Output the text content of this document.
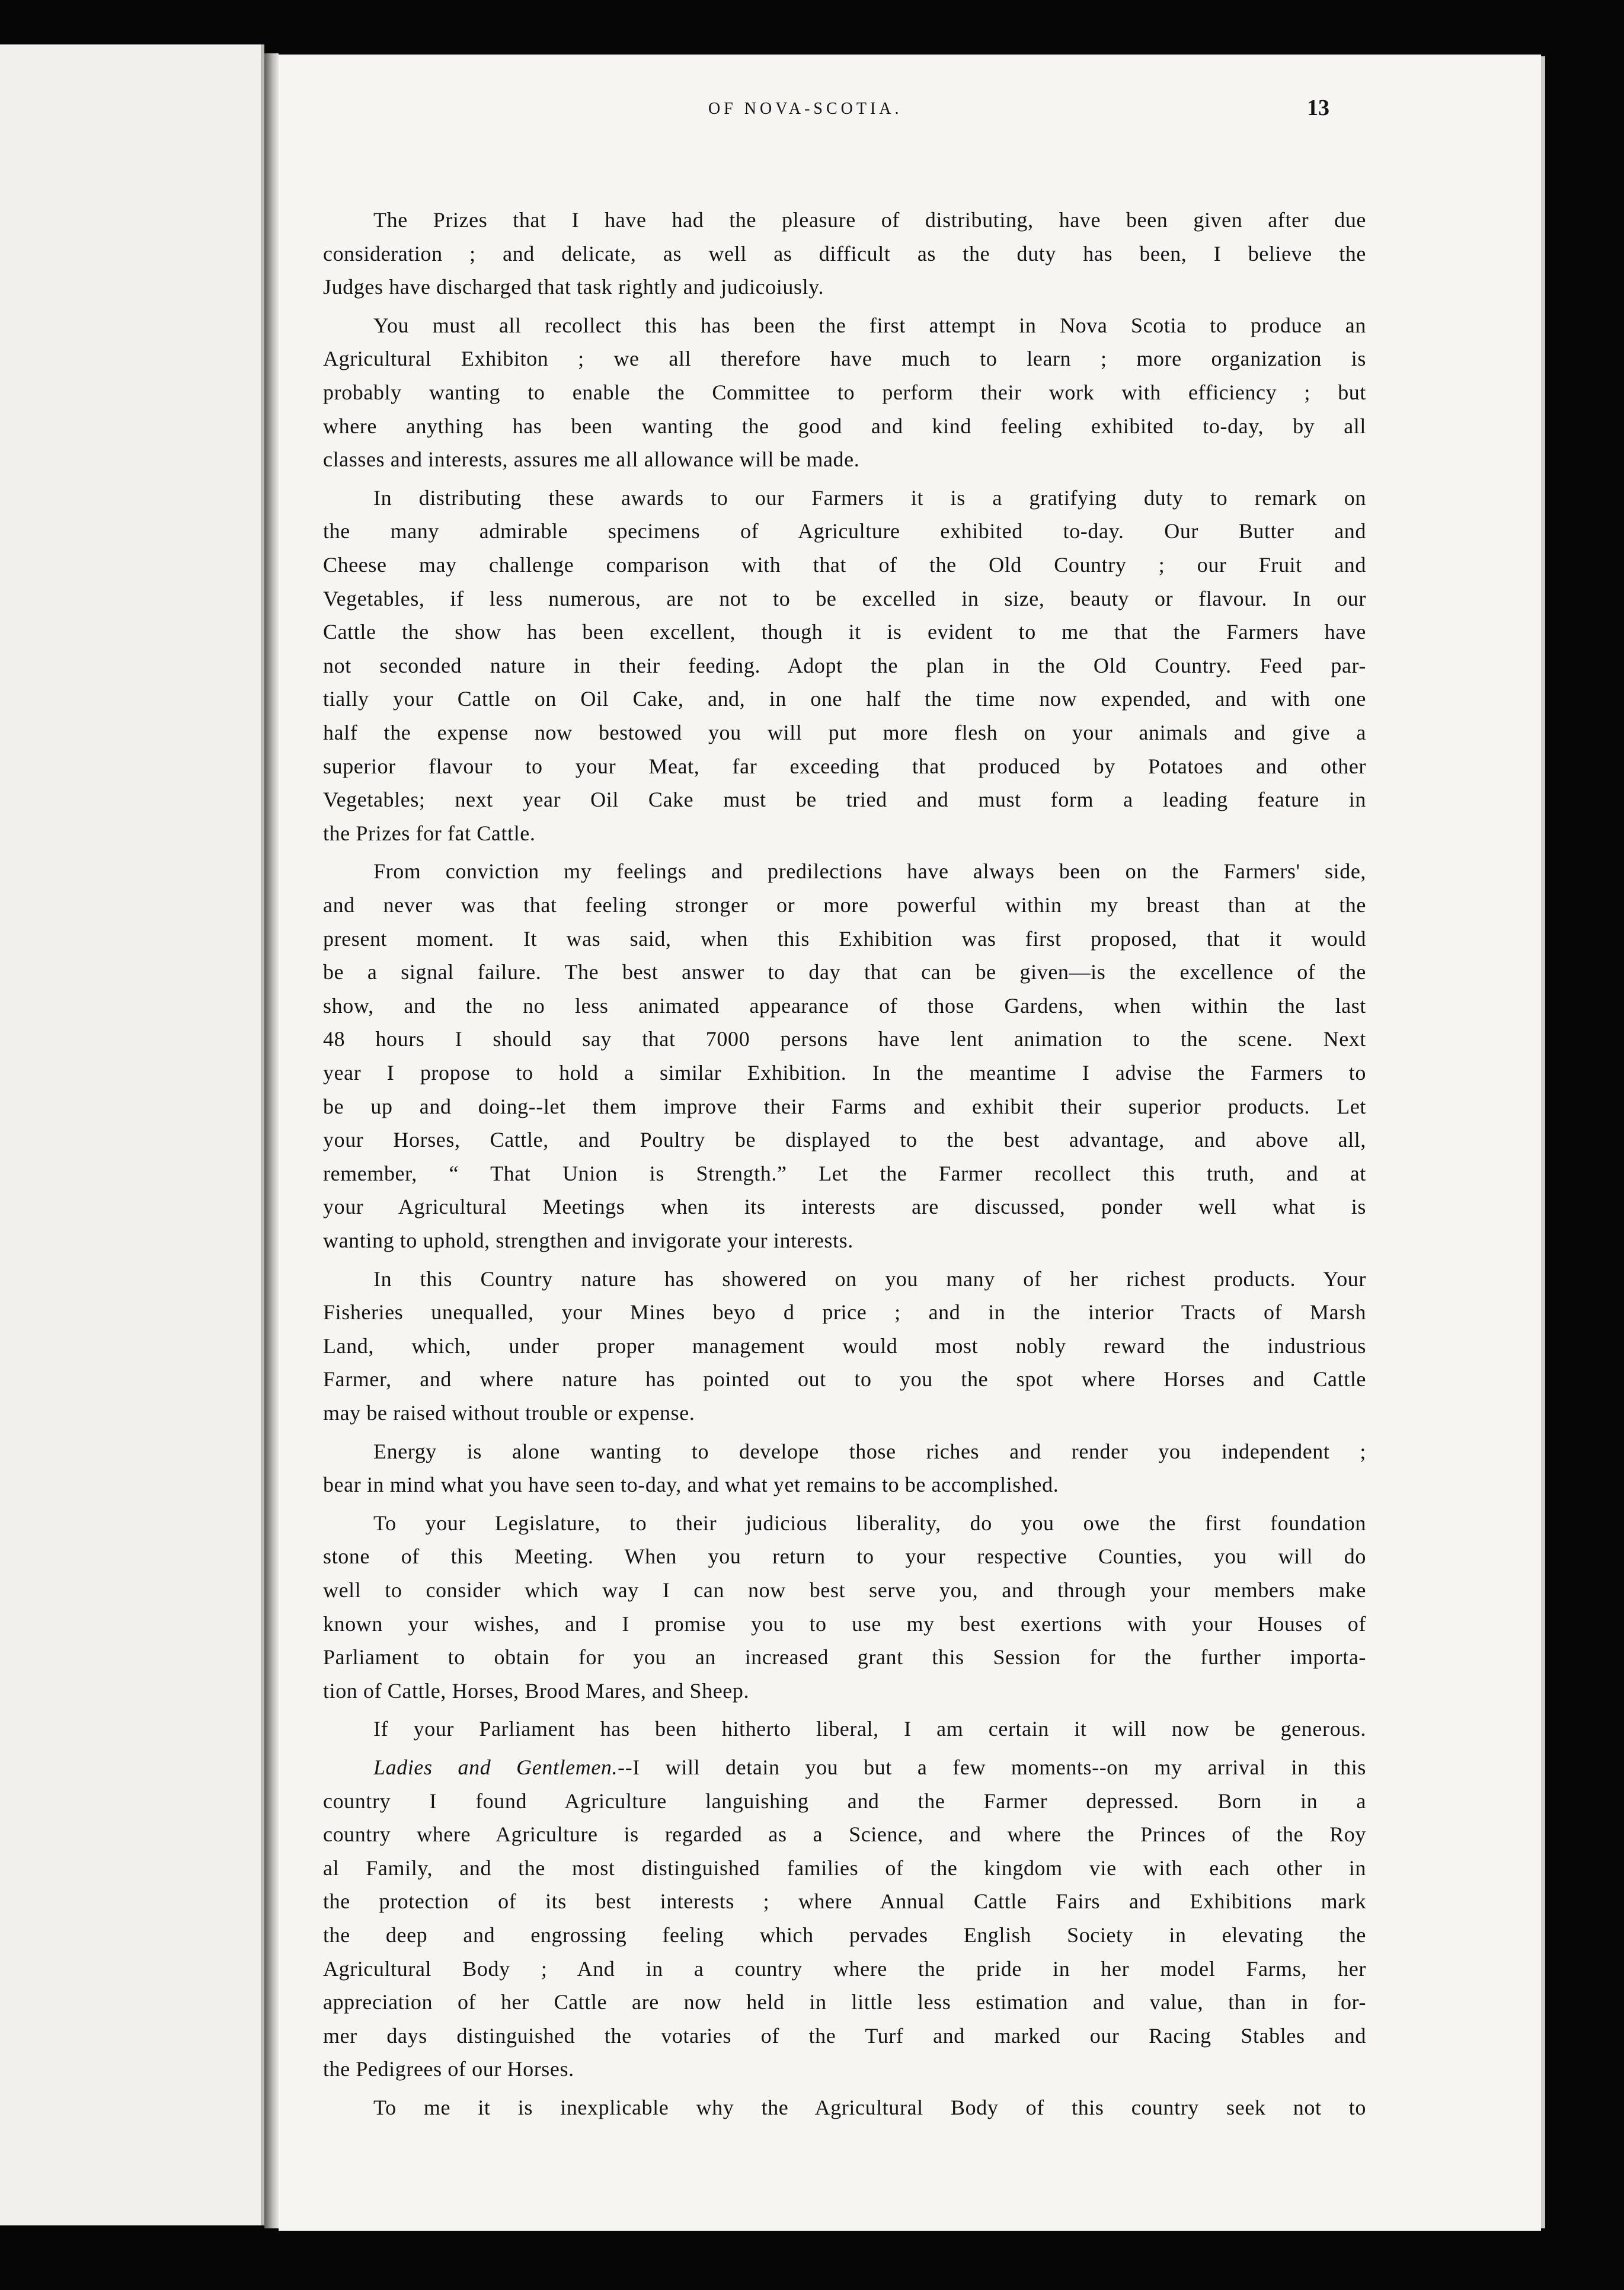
OF NOVA-SCOTIA.	13
The Prizes that I have had the pleasure of distributing, have been given after due
consideration ; and delicate, as well as difficult as the duty has been, I believe the
Judges have discharged that task rightly and judicoiusly.
You must all recollect this has been the first attempt in Nova Scotia to produce an
Agricultural Exhibiton ; we all therefore have much to learn ; more organization is
probably wanting to enable the Committee to perform their work with efficiency ; but
where anything has been wanting the good and kind feeling exhibited to-day, by all
classes and interests, assures me all allowance will be made.
In distributing these awards to our Farmers it is a gratifying duty to remark on
the many admirable specimens of Agriculture exhibited to-day. Our Butter and
Cheese may challenge comparison with that of the Old Country ; our Fruit and
Vegetables, if less numerous, are not to be excelled in size, beauty or flavour. In our
Cattle the show has been excellent, though it is evident to me that the Farmers have
not seconded nature in their feeding. Adopt the plan in the Old Country. Feed par-
tially your Cattle on Oil Cake, and, in one half the time now expended, and with one
half the expense now bestowed you will put more flesh on your animals and give a
superior flavour to your Meat, far exceeding that produced by Potatoes and other
Vegetables; next year Oil Cake must be tried and must form a leading feature in
the Prizes for fat Cattle.
From conviction my feelings and predilections have always been on the Farmers' side,
and never was that feeling stronger or more powerful within my breast than at the
present moment. It was said, when this Exhibition was first proposed, that it would
be a signal failure. The best answer to day that can be given—is the excellence of the
show, and the no less animated appearance of those Gardens, when within the last
48 hours I should say that 7000 persons have lent animation to the scene. Next
year I propose to hold a similar Exhibition. In the meantime I advise the Farmers to
be up and doing--let them improve their Farms and exhibit their superior products. Let
your Horses, Cattle, and Poultry be displayed to the best advantage, and above all,
remember, “ That Union is Strength.” Let the Farmer recollect this truth, and at
your Agricultural Meetings when its interests are discussed, ponder well what is
wanting to uphold, strengthen and invigorate your interests.
In this Country nature has showered on you many of her richest products. Your
Fisheries unequalled, your Mines beyo d price ; and in the interior Tracts of Marsh
Land, which, under proper management would most nobly reward the industrious
Farmer, and where nature has pointed out to you the spot where Horses and Cattle
may be raised without trouble or expense.
Energy is alone wanting to develope those riches and render you independent ;
bear in mind what you have seen to-day, and what yet remains to be accomplished.
To your Legislature, to their judicious liberality, do you owe the first foundation
stone of this Meeting. When you return to your respective Counties, you will do
well to consider which way I can now best serve you, and through your members make
known your wishes, and I promise you to use my best exertions with your Houses of
Parliament to obtain for you an increased grant this Session for the further importa-
tion of Cattle, Horses, Brood Mares, and Sheep.
If your Parliament has been hitherto liberal, I am certain it will now be generous.
Ladies and Gentlemen.--I will detain you but a few moments--on my arrival in this
country I found Agriculture languishing and the Farmer depressed. Born in a
country where Agriculture is regarded as a Science, and where the Princes of the Roy
al Family, and the most distinguished families of the kingdom vie with each other in
the protection of its best interests ; where Annual Cattle Fairs and Exhibitions mark
the deep and engrossing feeling which pervades English Society in elevating the
Agricultural Body ; And in a country where the pride in her model Farms, her
appreciation of her Cattle are now held in little less estimation and value, than in for-
mer days distinguished the votaries of the Turf and marked our Racing Stables and
the Pedigrees of our Horses.
To me it is inexplicable why the Agricultural Body of this country seek not to
